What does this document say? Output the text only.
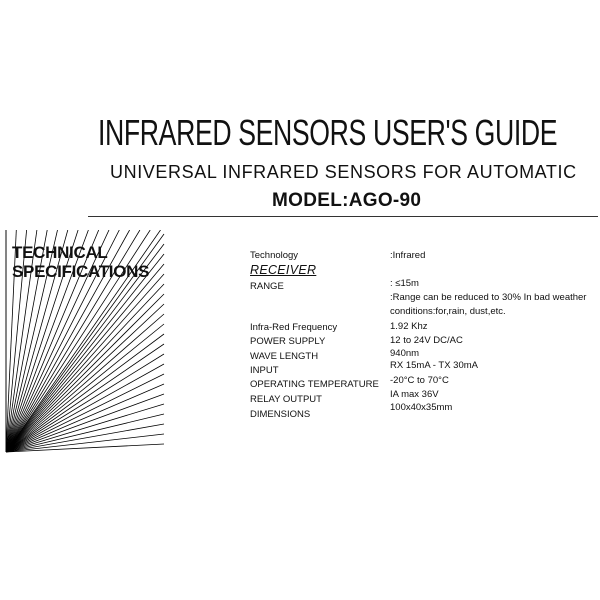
INFRARED SENSORS USER'S GUIDE
UNIVERSAL INFRARED SENSORS FOR AUTOMATIC
MODEL:AGO-90
TECHNICAL
SPECIFICATIONS
Technology
RECEIVER
RANGE
Infra-Red Frequency
POWER SUPPLY
WAVE LENGTH
INPUT
OPERATING TEMPERATURE
RELAY OUTPUT
DIMENSIONS
:Infrared
: ≤15m
:Range can be reduced to 30% In bad weather
conditions:for,rain, dust,etc.
1.92 Khz
12 to 24V DC/AC
940nm
RX 15mA - TX 30mA
-20°C to 70°C
IA max 36V
100x40x35mm
